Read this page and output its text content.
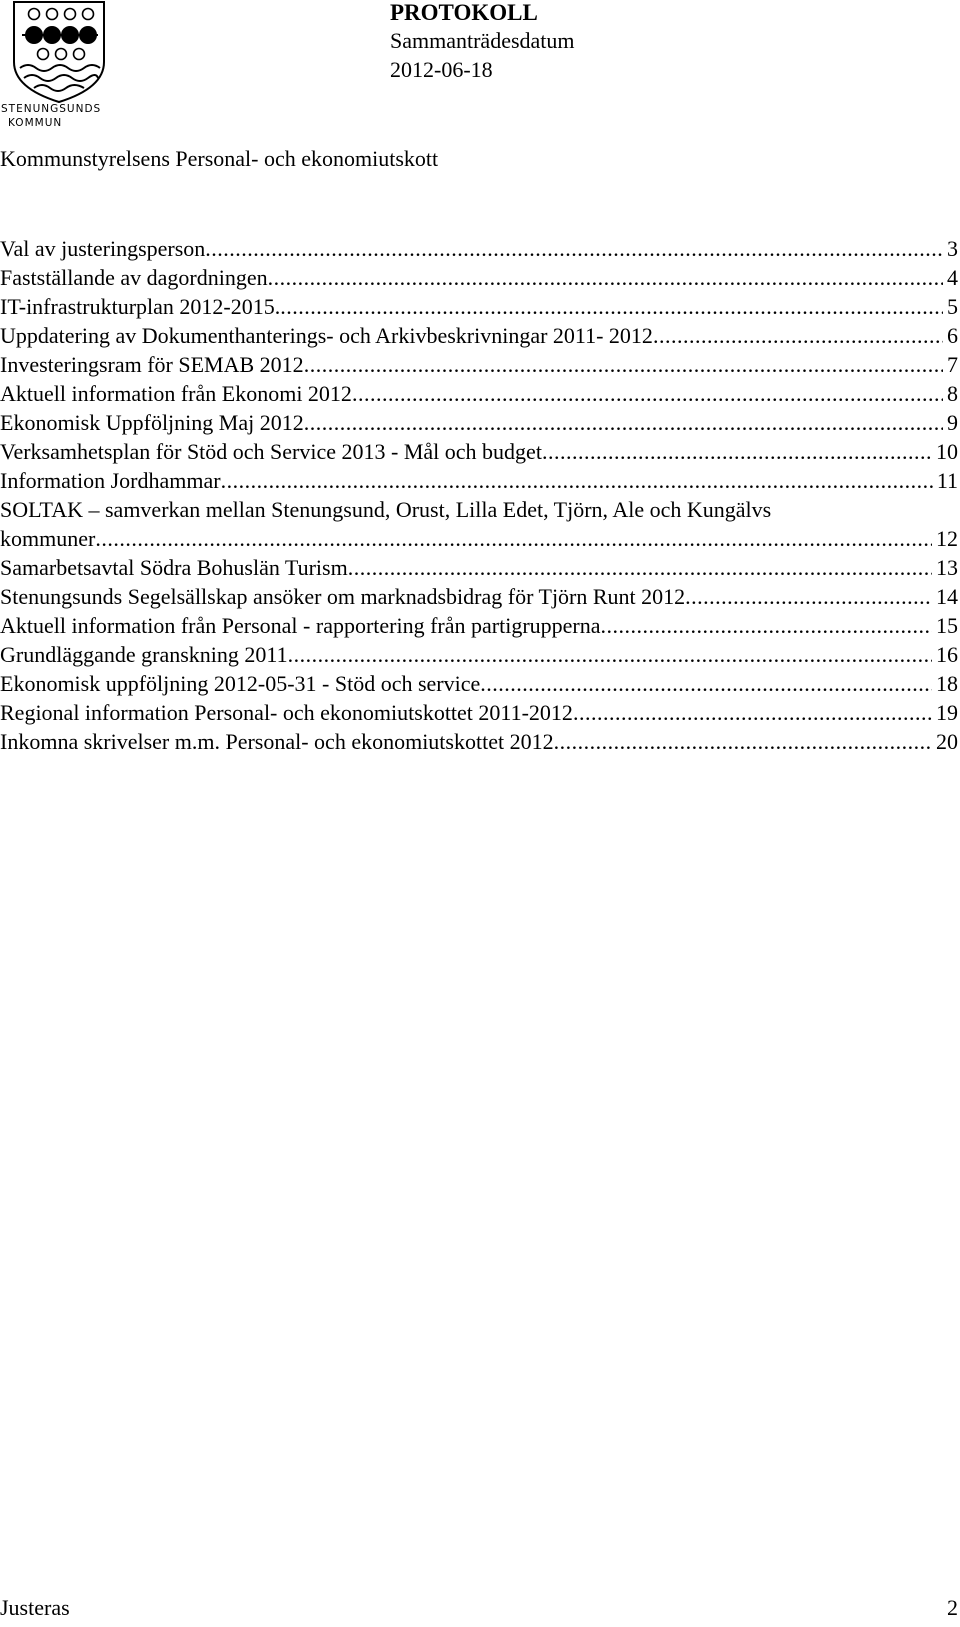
STENUNGSUNDS
KOMMUN
PROTOKOLL
Sammanträdesdatum
2012-06-18
Kommunstyrelsens Personal- och ekonomiutskott
Val av justeringsperson .....	3
Fastställande av dagordningen .....	4
IT-infrastrukturplan 2012-2015. .....	5
Uppdatering av Dokumenthanterings- och Arkivbeskrivningar 2011- 2012 .....	6
Investeringsram för SEMAB 2012 .....	7
Aktuell information från Ekonomi 2012 .....	8
Ekonomisk Uppföljning Maj 2012 .....	9
Verksamhetsplan för Stöd och Service 2013 - Mål och budget .....	10
Information Jordhammar .....	11
SOLTAK – samverkan mellan Stenungsund, Orust, Lilla Edet, Tjörn, Ale och Kungälvs
kommuner .....	12
Samarbetsavtal Södra Bohuslän Turism .....	13
Stenungsunds Segelsällskap ansöker om marknadsbidrag för Tjörn Runt 2012 .....	14
Aktuell information från Personal - rapportering från partigrupperna .....	15
Grundläggande granskning 2011 .....	16
Ekonomisk uppföljning 2012-05-31 - Stöd och service .....	18
Regional information Personal- och ekonomiutskottet 2011-2012 .....	19
Inkomna skrivelser m.m. Personal- och ekonomiutskottet 2012 .....	20
Justeras	2
